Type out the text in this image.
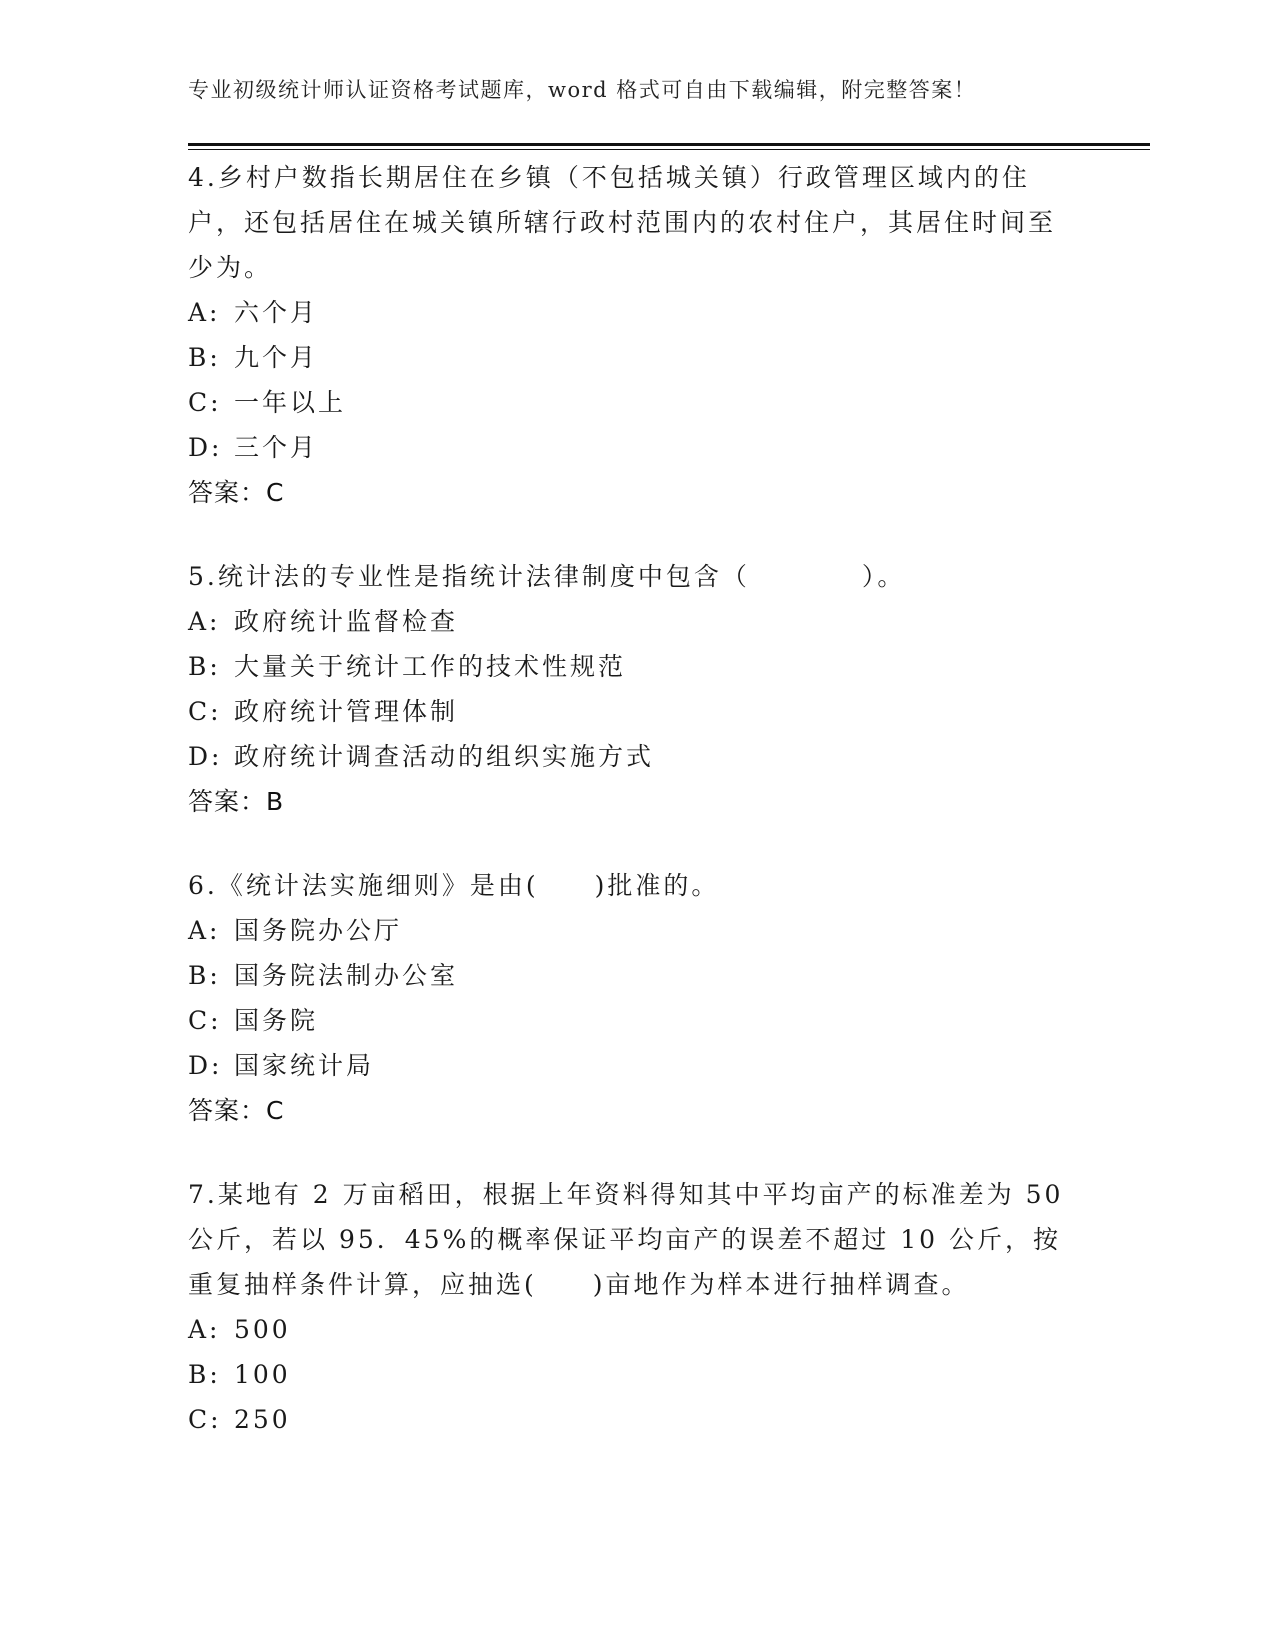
专业初级统计师认证资格考试题库，word 格式可自由下载编辑，附完整答案！

4.乡村户数指长期居住在乡镇（不包括城关镇）行政管理区域内的住户，还包括居住在城关镇所辖行政村范围内的农村住户，其居住时间至少为。

A: 六个月
B: 九个月
C: 一年以上
D: 三个月
答案：C

5.统计法的专业性是指统计法律制度中包含（　　　　）。

A: 政府统计监督检查
B: 大量关于统计工作的技术性规范
C: 政府统计管理体制
D: 政府统计调查活动的组织实施方式
答案：B

6.《统计法实施细则》是由(　　)批准的。

A: 国务院办公厅
B: 国务院法制办公室
C: 国务院
D: 国家统计局
答案：C

7.某地有 2 万亩稻田，根据上年资料得知其中平均亩产的标准差为 50 公斤，若以 95．45%的概率保证平均亩产的误差不超过 10 公斤，按重复抽样条件计算，应抽选(　　)亩地作为样本进行抽样调查。

A: 500
B: 100
C: 250
